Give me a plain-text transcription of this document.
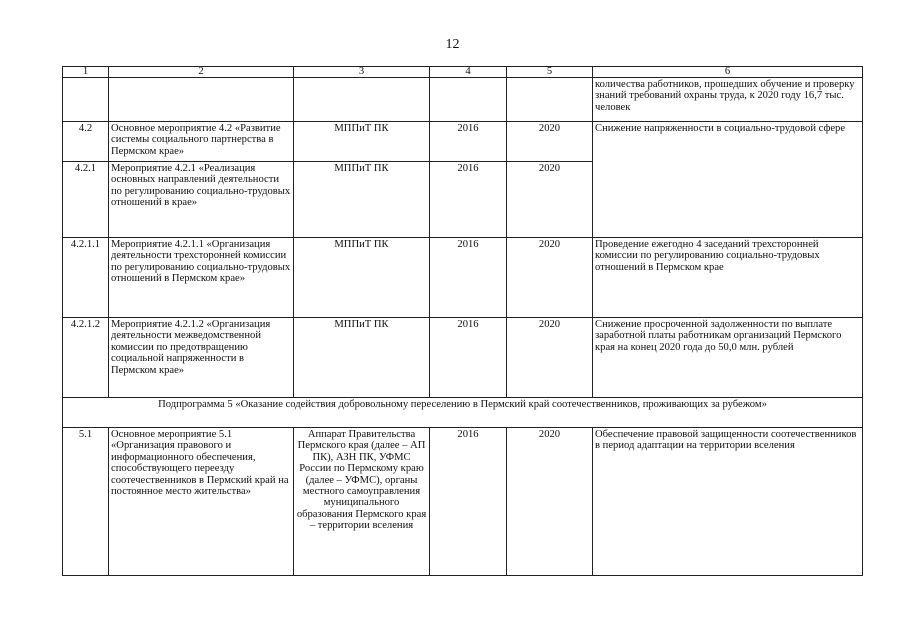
12
1	2	3	4	5	6
					количества работников, прошедших обучение и проверку знаний требований охраны труда, к 2020 году 16,7 тыс. человек
4.2	Основное мероприятие 4.2 «Развитие системы социального партнерства в Пермском крае»	МППиТ ПК	2016	2020	Снижение напряженности в социально-трудовой сфере
4.2.1	Мероприятие 4.2.1 «Реализация основных направлений деятельности по регулированию социально-трудовых отношений в крае»	МППиТ ПК	2016	2020	
4.2.1.1	Мероприятие 4.2.1.1 «Организация деятельности трехсторонней комиссии по регулированию социально-трудовых отношений в Пермском крае»	МППиТ ПК	2016	2020	Проведение ежегодно 4 заседаний трехсторонней комиссии по регулированию социально-трудовых отношений в Пермском крае
4.2.1.2	Мероприятие 4.2.1.2 «Организация деятельности межведомственной комиссии по предотвращению социальной напряженности в Пермском крае»	МППиТ ПК	2016	2020	Снижение просроченной задолженности по выплате заработной платы работникам организаций Пермского края на конец 2020 года до 50,0 млн. рублей
Подпрограмма 5 «Оказание содействия добровольному переселению в Пермский край соотечественников, проживающих за рубежом»					
5.1	Основное мероприятие 5.1 «Организация правового и информационного обеспечения, способствующего переезду соотечественников в Пермский край на постоянное место жительства»	Аппарат Правительства Пермского края (далее – АП ПК), АЗН ПК, УФМС России по Пермскому краю (далее – УФМС), органы местного самоуправления муниципального образования Пермского края – территории вселения	2016	2020	Обеспечение правовой защищенности соотечественников в период адаптации на территории вселения
